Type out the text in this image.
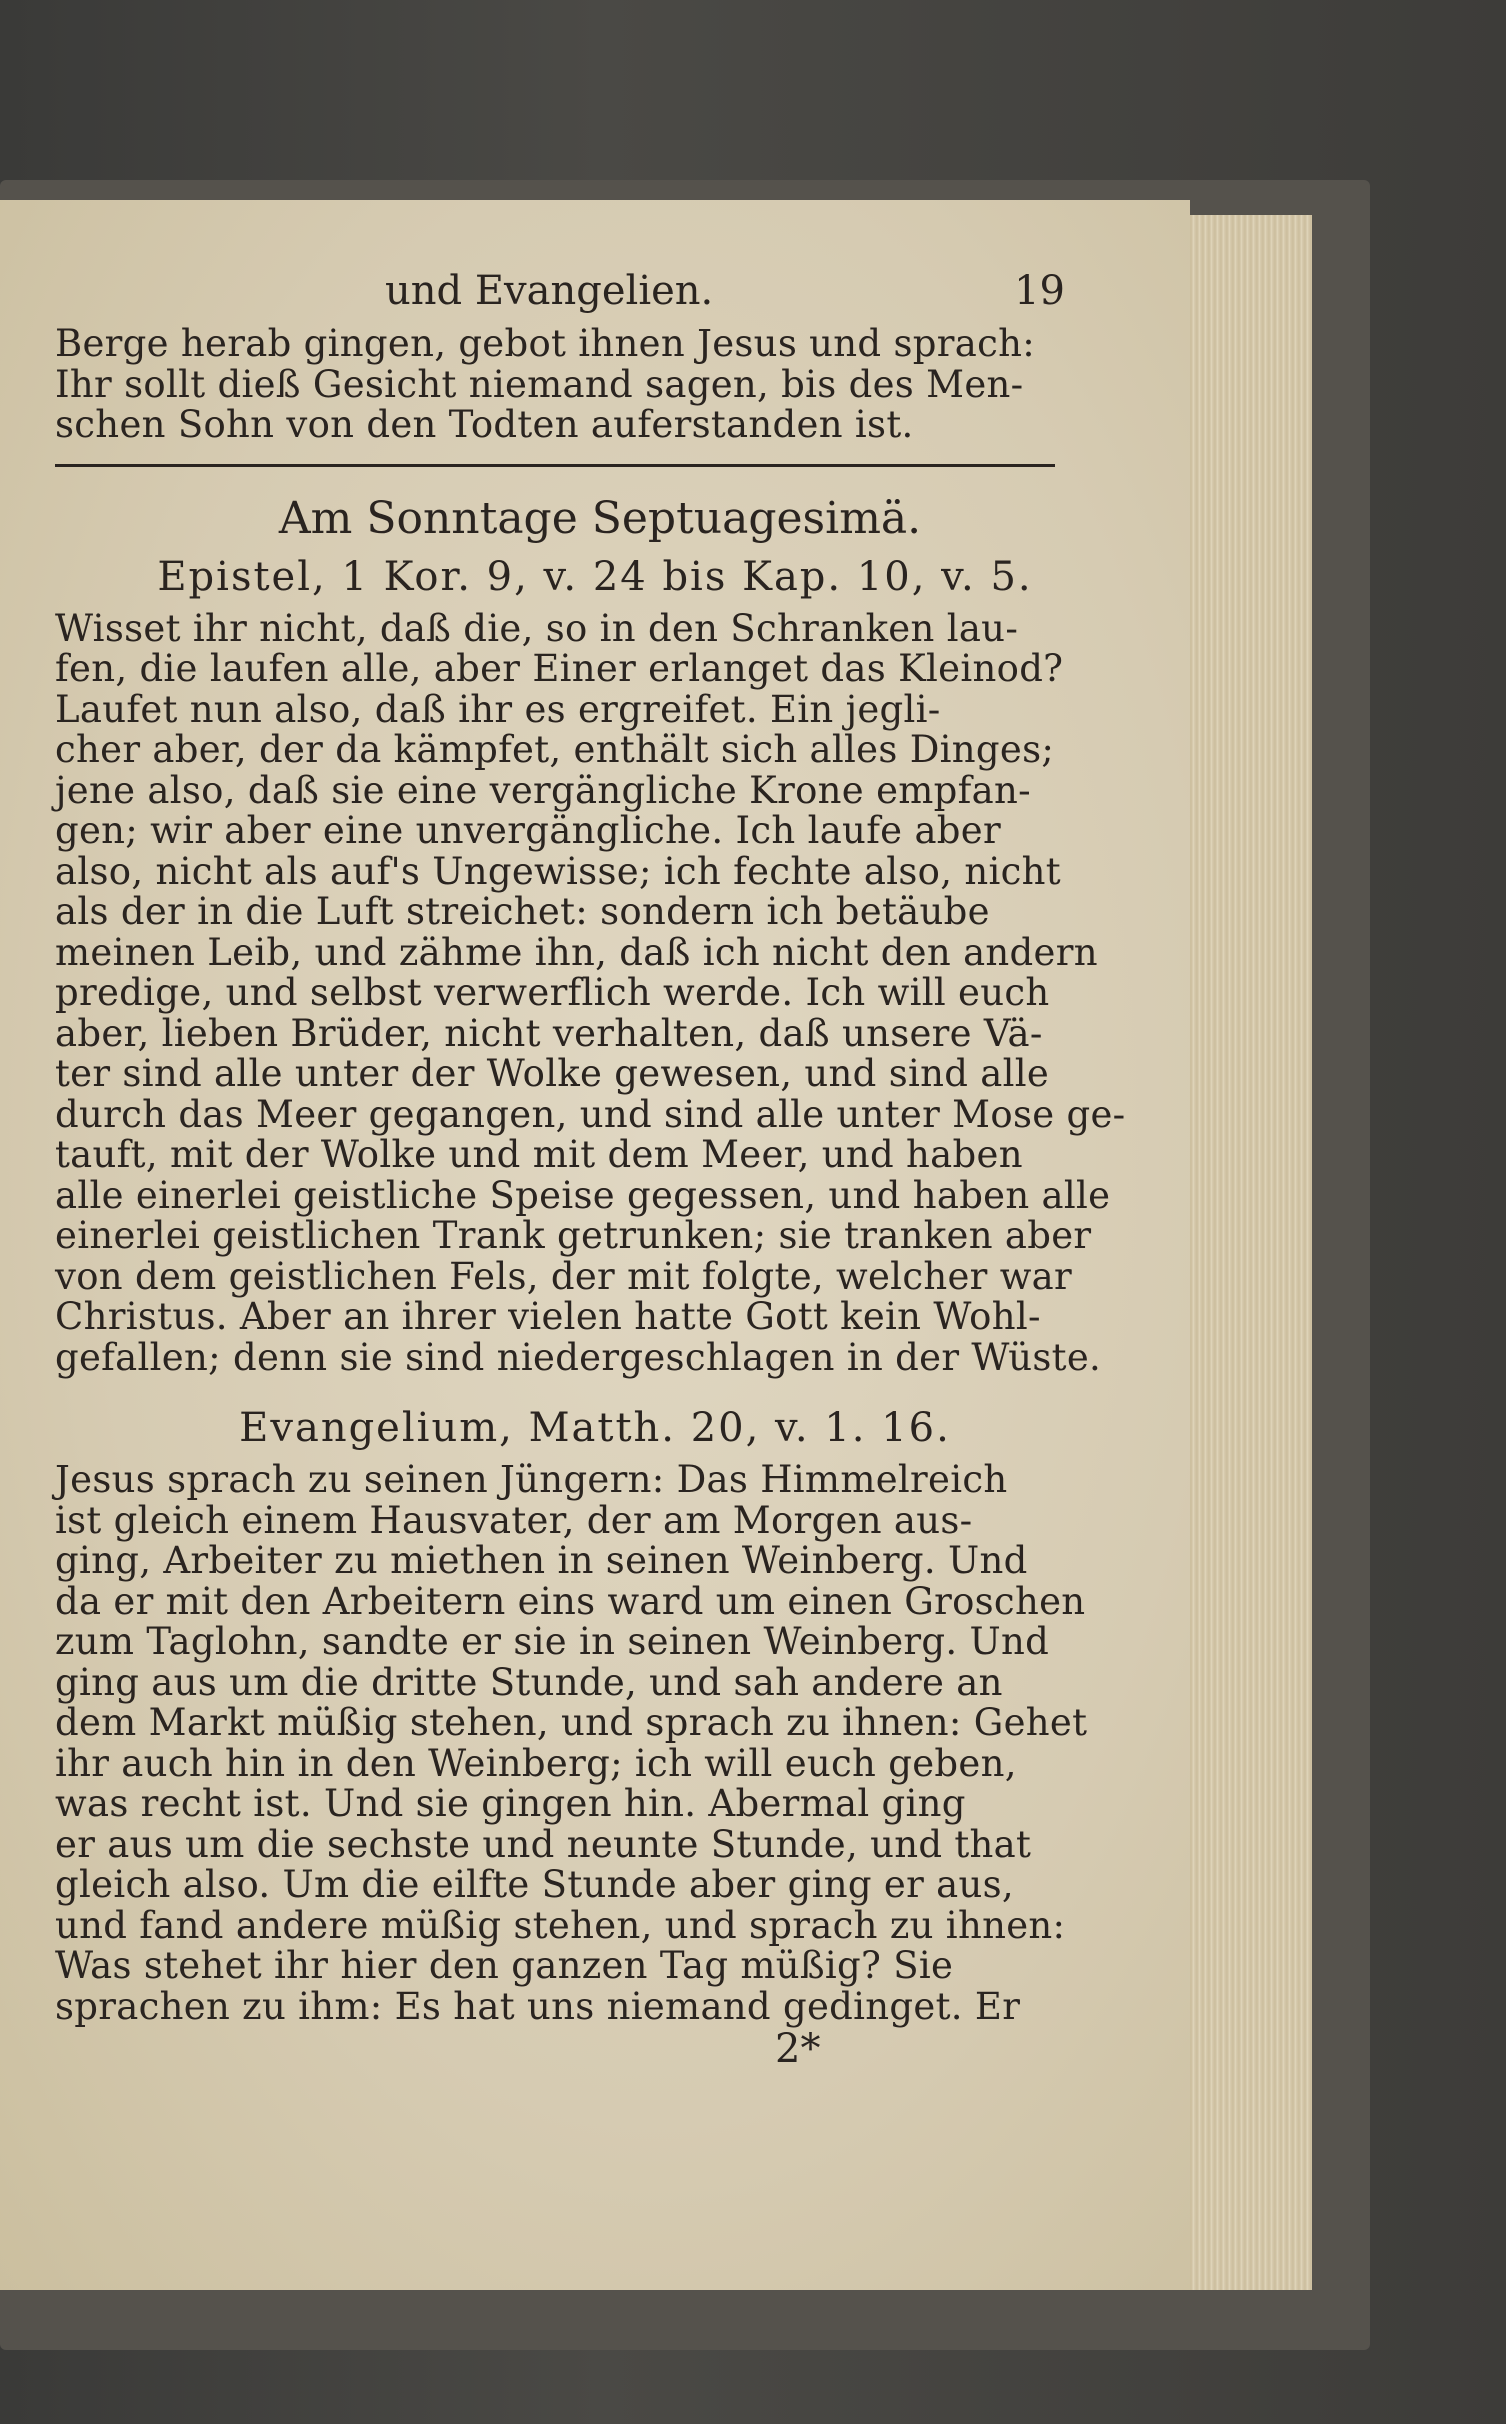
und Evangelien.	19
Berge herab gingen, gebot ihnen Jesus und sprach:
Ihr sollt dieß Gesicht niemand sagen, bis des Men-
schen Sohn von den Todten auferstanden ist.
Am Sonntage Septuagesimä.
Epistel, 1 Kor. 9, v. 24 bis Kap. 10, v. 5.
Wisset ihr nicht, daß die, so in den Schranken lau-
fen, die laufen alle, aber Einer erlanget das Kleinod?
Laufet nun also, daß ihr es ergreifet. Ein jegli-
cher aber, der da kämpfet, enthält sich alles Dinges;
jene also, daß sie eine vergängliche Krone empfan-
gen; wir aber eine unvergängliche. Ich laufe aber
also, nicht als auf's Ungewisse; ich fechte also, nicht
als der in die Luft streichet: sondern ich betäube
meinen Leib, und zähme ihn, daß ich nicht den andern
predige, und selbst verwerflich werde. Ich will euch
aber, lieben Brüder, nicht verhalten, daß unsere Vä-
ter sind alle unter der Wolke gewesen, und sind alle
durch das Meer gegangen, und sind alle unter Mose ge-
tauft, mit der Wolke und mit dem Meer, und haben
alle einerlei geistliche Speise gegessen, und haben alle
einerlei geistlichen Trank getrunken; sie tranken aber
von dem geistlichen Fels, der mit folgte, welcher war
Christus. Aber an ihrer vielen hatte Gott kein Wohl-
gefallen; denn sie sind niedergeschlagen in der Wüste.
Evangelium, Matth. 20, v. 1. 16.
Jesus sprach zu seinen Jüngern: Das Himmelreich
ist gleich einem Hausvater, der am Morgen aus-
ging, Arbeiter zu miethen in seinen Weinberg. Und
da er mit den Arbeitern eins ward um einen Groschen
zum Taglohn, sandte er sie in seinen Weinberg. Und
ging aus um die dritte Stunde, und sah andere an
dem Markt müßig stehen, und sprach zu ihnen: Gehet
ihr auch hin in den Weinberg; ich will euch geben,
was recht ist. Und sie gingen hin. Abermal ging
er aus um die sechste und neunte Stunde, und that
gleich also. Um die eilfte Stunde aber ging er aus,
und fand andere müßig stehen, und sprach zu ihnen:
Was stehet ihr hier den ganzen Tag müßig? Sie
sprachen zu ihm: Es hat uns niemand gedinget. Er
2*
